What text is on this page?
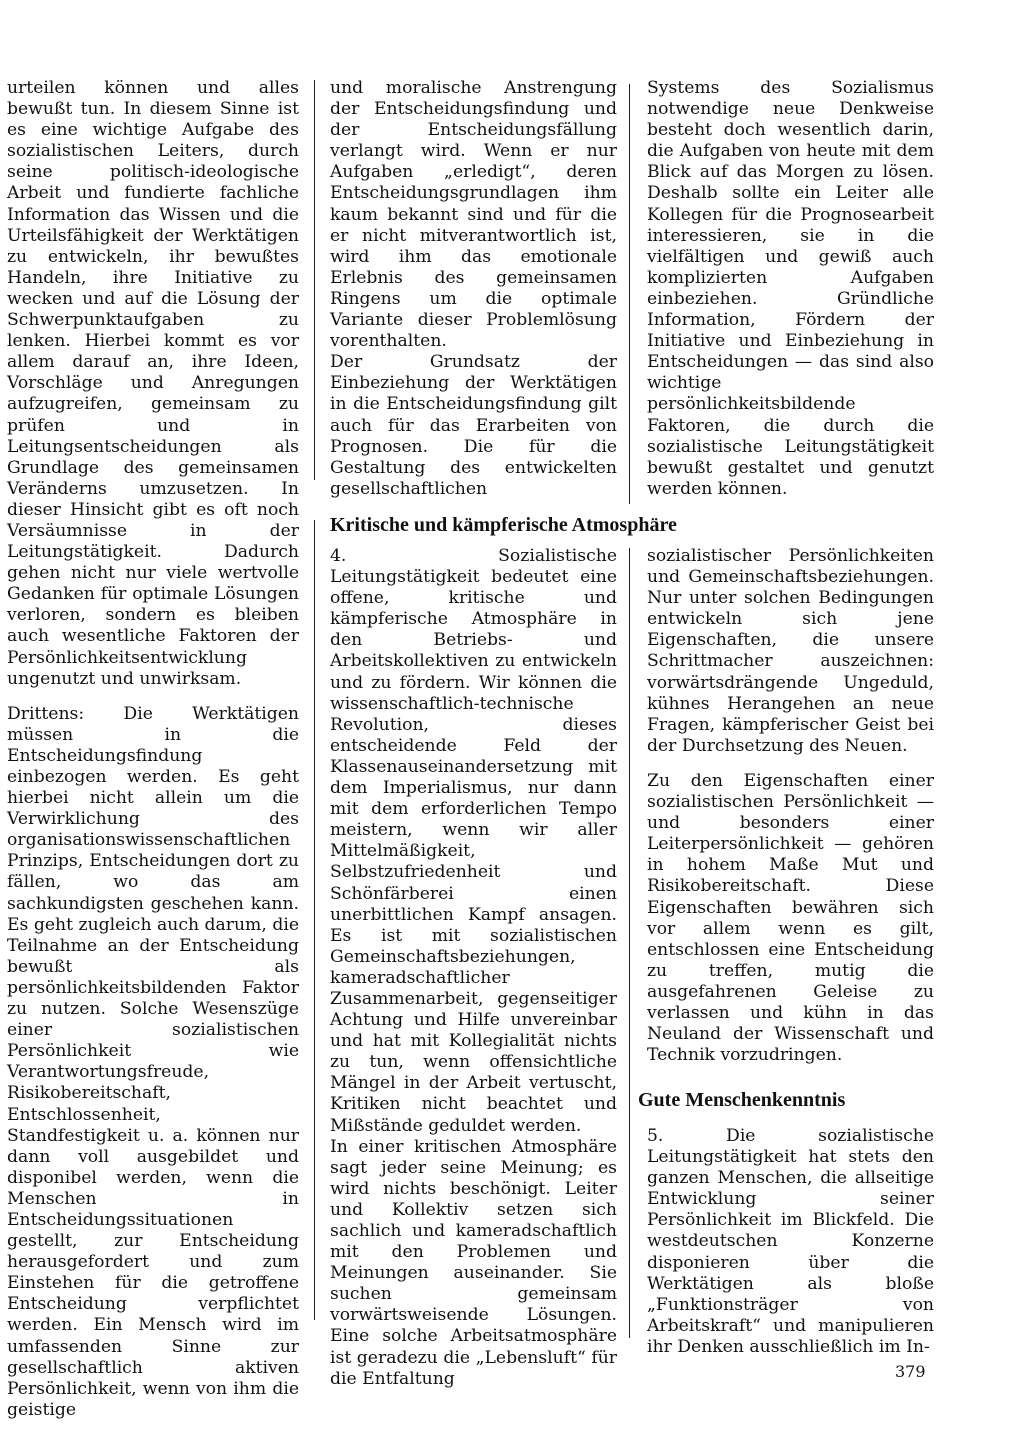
urteilen können und alles bewußt tun. In diesem Sinne ist es eine wichtige Aufgabe des sozialistischen Leiters, durch seine politisch-ideologische Arbeit und fundierte fachliche Information das Wissen und die Urteilsfähigkeit der Werktätigen zu entwickeln, ihr bewußtes Handeln, ihre Initiative zu wecken und auf die Lösung der Schwerpunktaufgaben zu lenken. Hierbei kommt es vor allem darauf an, ihre Ideen, Vorschläge und Anregungen aufzugreifen, gemeinsam zu prüfen und in Leitungsentscheidungen als Grundlage des gemeinsamen Veränderns umzusetzen. In dieser Hinsicht gibt es oft noch Versäumnisse in der Leitungstätigkeit. Dadurch gehen nicht nur viele wertvolle Gedanken für optimale Lösungen verloren, sondern es bleiben auch wesentliche Faktoren der Persönlichkeitsentwicklung ungenutzt und unwirksam.

Drittens: Die Werktätigen müssen in die Entscheidungsfindung einbezogen werden. Es geht hierbei nicht allein um die Verwirklichung des organisationswissenschaftlichen Prinzips, Entscheidungen dort zu fällen, wo das am sachkundigsten geschehen kann. Es geht zugleich auch darum, die Teilnahme an der Entscheidung bewußt als persönlichkeitsbildenden Faktor zu nutzen. Solche Wesenszüge einer sozialistischen Persönlichkeit wie Verantwortungsfreude, Risikobereitschaft, Entschlossenheit, Standfestigkeit u. a. können nur dann voll ausgebildet und disponibel werden, wenn die Menschen in Entscheidungssituationen gestellt, zur Entscheidung herausgefordert und zum Einstehen für die getroffene Entscheidung verpflichtet werden. Ein Mensch wird im umfassenden Sinne zur gesellschaftlich aktiven Persönlichkeit, wenn von ihm die geistige

und moralische Anstrengung der Entscheidungsfindung und der Entscheidungsfällung verlangt wird. Wenn er nur Aufgaben „erledigt“, deren Entscheidungsgrundlagen ihm kaum bekannt sind und für die er nicht mitverantwortlich ist, wird ihm das emotionale Erlebnis des gemeinsamen Ringens um die optimale Variante dieser Problemlösung vorenthalten.

Der Grundsatz der Einbeziehung der Werktätigen in die Entscheidungsfindung gilt auch für das Erarbeiten von Prognosen. Die für die Gestaltung des entwickelten gesellschaftlichen

Systems des Sozialismus notwendige neue Denkweise besteht doch wesentlich darin, die Aufgaben von heute mit dem Blick auf das Morgen zu lösen. Deshalb sollte ein Leiter alle Kollegen für die Prognosearbeit interessieren, sie in die vielfältigen und gewiß auch komplizierten Aufgaben einbeziehen. Gründliche Information, Fördern der Initiative und Einbeziehung in Entscheidungen — das sind also wichtige persönlichkeitsbildende Faktoren, die durch die sozialistische Leitungstätigkeit bewußt gestaltet und genutzt werden können.

Kritische und kämpferische Atmosphäre

4. Sozialistische Leitungstätigkeit bedeutet eine offene, kritische und kämpferische Atmosphäre in den Betriebs- und Arbeitskollektiven zu entwickeln und zu fördern. Wir können die wissenschaftlich-technische Revolution, dieses entscheidende Feld der Klassenauseinandersetzung mit dem Imperialismus, nur dann mit dem erforderlichen Tempo meistern, wenn wir aller Mittelmäßigkeit, Selbstzufriedenheit und Schönfärberei einen unerbittlichen Kampf ansagen. Es ist mit sozialistischen Gemeinschaftsbeziehungen, kameradschaftlicher Zusammenarbeit, gegenseitiger Achtung und Hilfe unvereinbar und hat mit Kollegialität nichts zu tun, wenn offensichtliche Mängel in der Arbeit vertuscht, Kritiken nicht beachtet und Mißstände geduldet werden.

In einer kritischen Atmosphäre sagt jeder seine Meinung; es wird nichts beschönigt. Leiter und Kollektiv setzen sich sachlich und kameradschaftlich mit den Problemen und Meinungen auseinander. Sie suchen gemeinsam vorwärtsweisende Lösungen. Eine solche Arbeitsatmosphäre ist geradezu die „Lebensluft“ für die Entfaltung

sozialistischer Persönlichkeiten und Gemeinschaftsbeziehungen. Nur unter solchen Bedingungen entwickeln sich jene Eigenschaften, die unsere Schrittmacher auszeichnen: vorwärtsdrängende Ungeduld, kühnes Herangehen an neue Fragen, kämpferischer Geist bei der Durchsetzung des Neuen.

Zu den Eigenschaften einer sozialistischen Persönlichkeit — und besonders einer Leiterpersönlichkeit — gehören in hohem Maße Mut und Risikobereitschaft. Diese Eigenschaften bewähren sich vor allem wenn es gilt, entschlossen eine Entscheidung zu treffen, mutig die ausgefahrenen Geleise zu verlassen und kühn in das Neuland der Wissenschaft und Technik vorzudringen.

Gute Menschenkenntnis

5. Die sozialistische Leitungstätigkeit hat stets den ganzen Menschen, die allseitige Entwicklung seiner Persönlichkeit im Blickfeld. Die westdeutschen Konzerne disponieren über die Werktätigen als bloße „Funktionsträger von Arbeitskraft“ und manipulieren ihr Denken ausschließlich im In-

379
